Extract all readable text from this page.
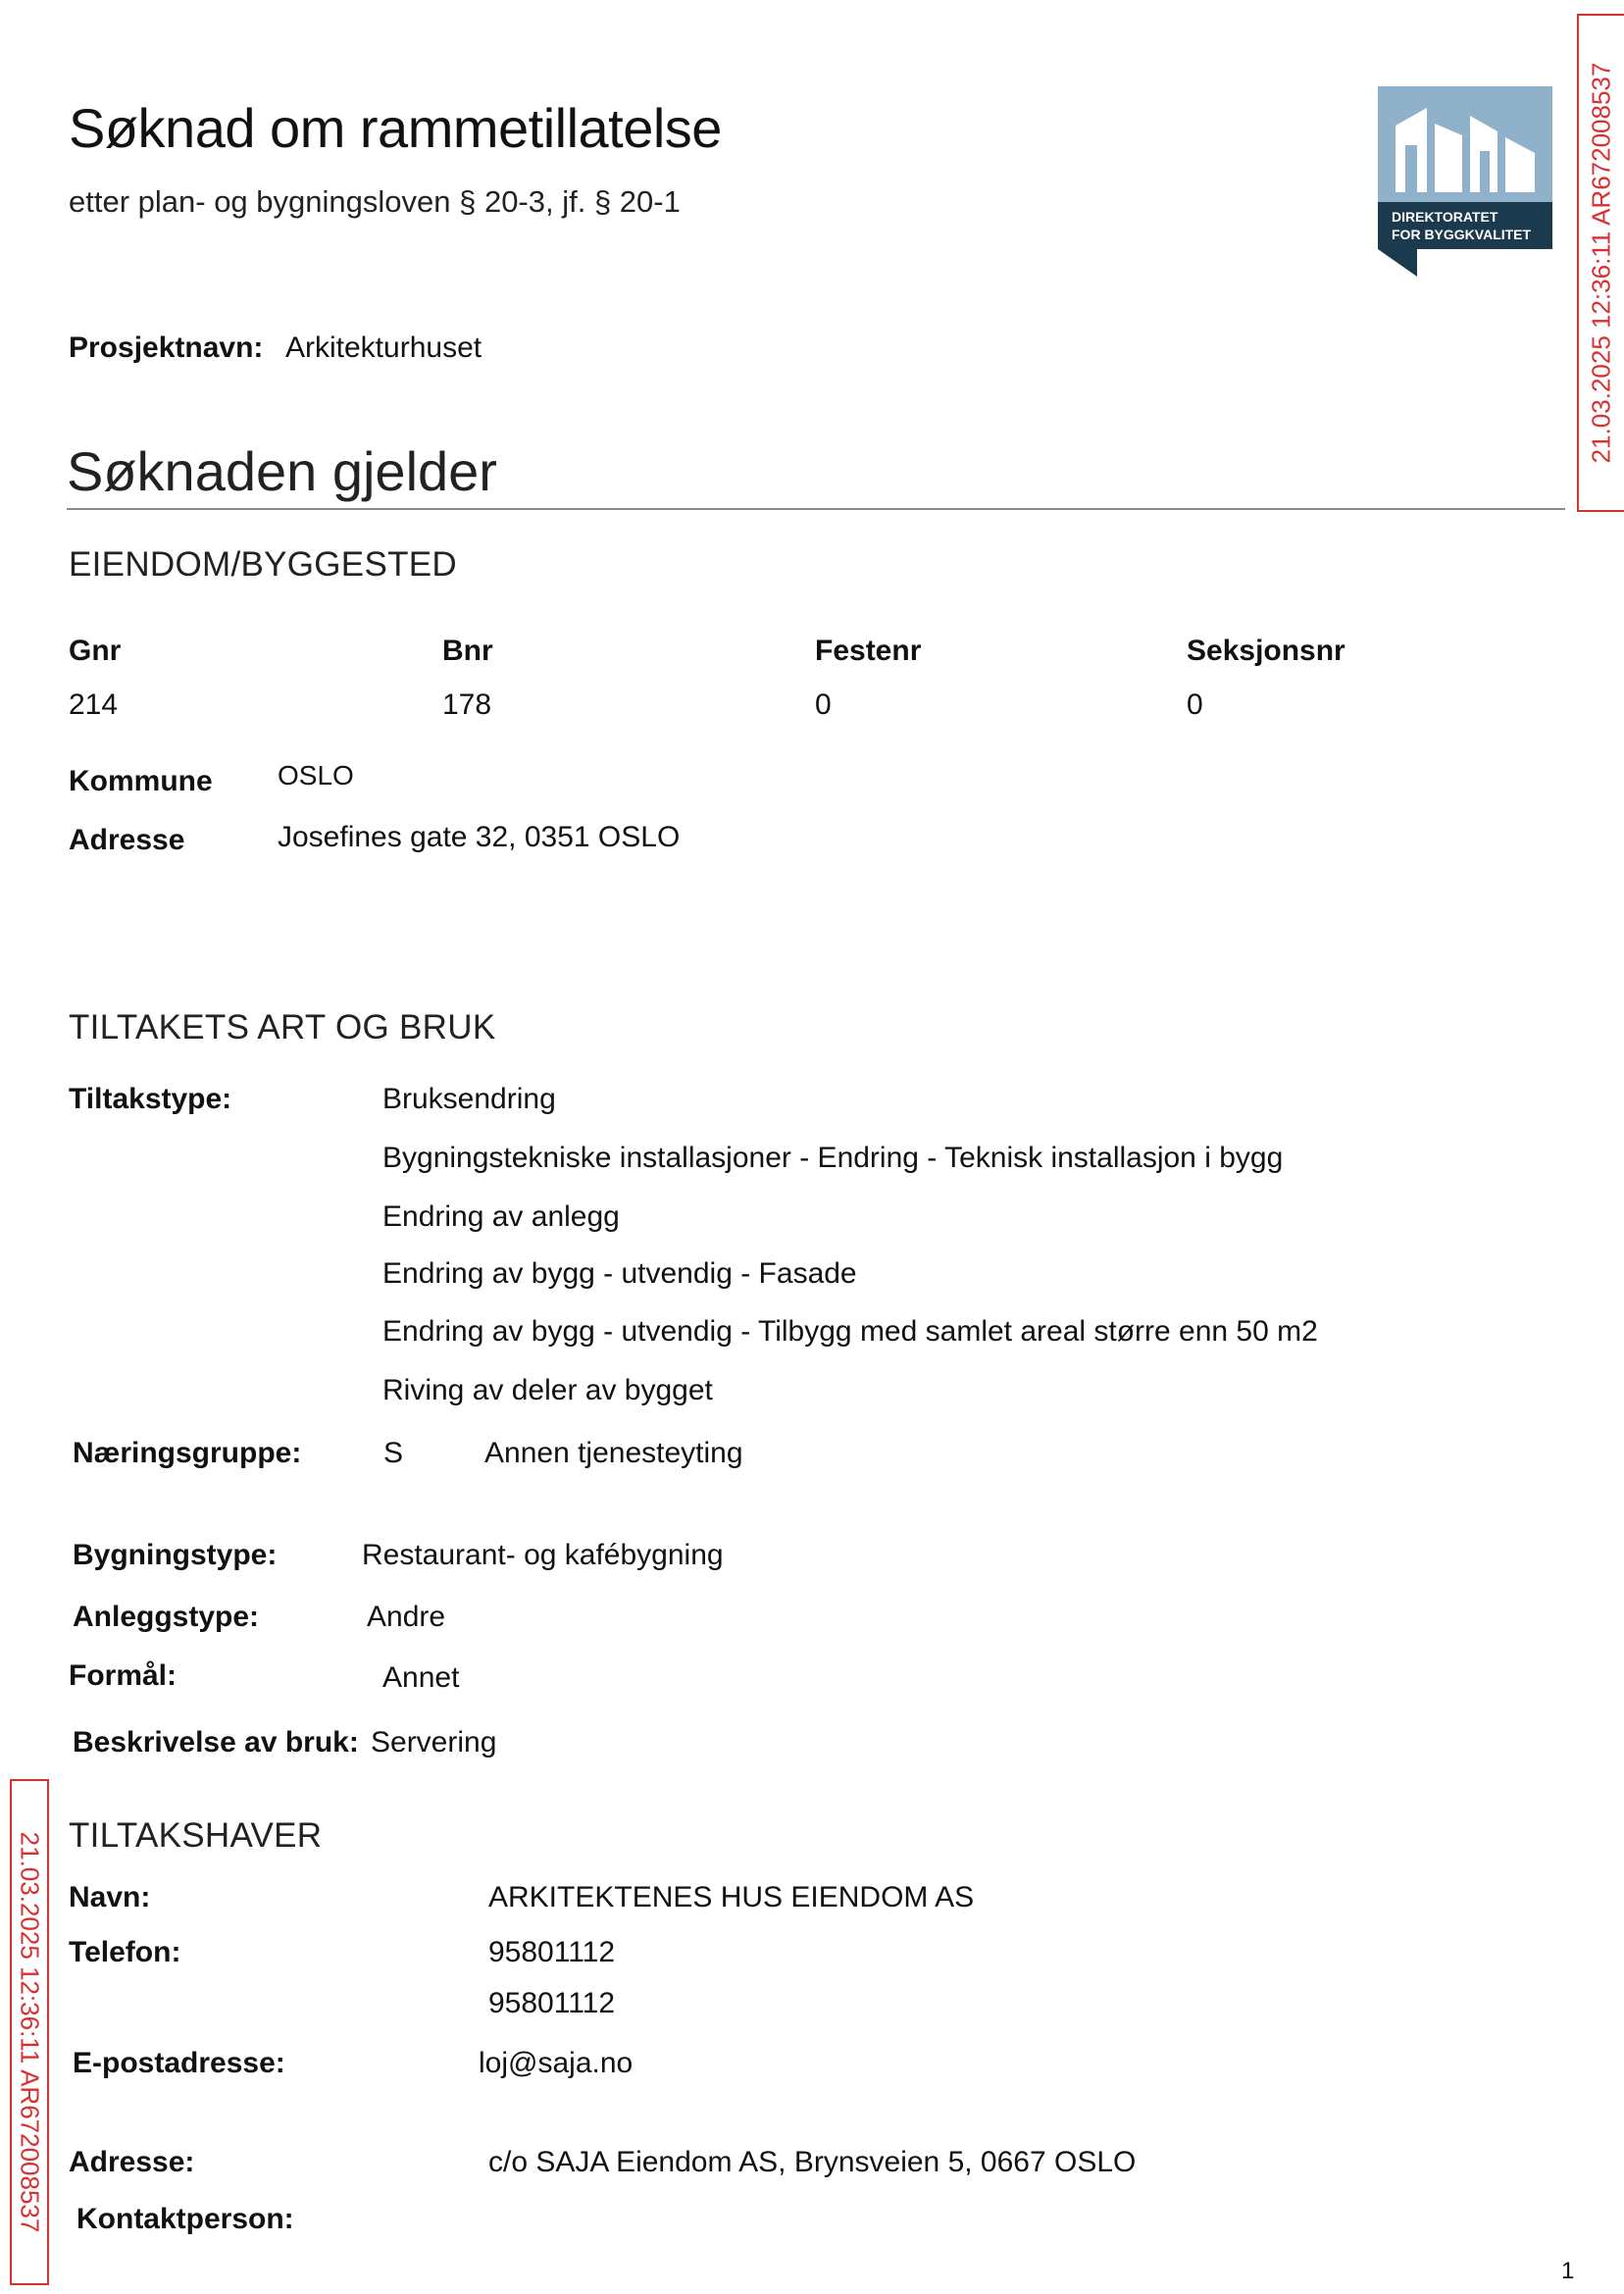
Søknad om rammetillatelse
etter plan- og bygningsloven § 20-3, jf. § 20-1	DIREKTORATET
FOR BYGGKVALITET 21.03.2025 12:36:11 AR672008537
Prosjektnavn: Arkitekturhuset
Søknaden gjelder
EIENDOM/BYGGESTED
Gnr	Bnr	Festenr	Seksjonsnr
214	178	0	0
Kommune OSLO
Adresse	Josefines gate 32, 0351 OSLO
TILTAKETS ART OG BRUK
Tiltakstype:	Bruksendring
Bygningstekniske installasjoner - Endring - Teknisk installasjon i bygg
Endring av anlegg
Endring av bygg - utvendig - Fasade
Endring av bygg - utvendig - Tilbygg med samlet areal større enn 50 m2
Riving av deler av bygget
Næringsgruppe:	S	Annen tjenesteyting
Bygningstype:	Restaurant- og kafébygning
Anleggstype:	Andre
Formål:	Annet
Beskrivelse av bruk: Servering
21.03.2025 12:36:11 AR672008537 TILTAKSHAVER
Navn:	ARKITEKTENES HUS EIENDOM AS
Telefon:	95801112
95801112
E-postadresse:	loj@saja.no
Adresse:	c/o SAJA Eiendom AS, Brynsveien 5, 0667 OSLO
Kontaktperson:
1
